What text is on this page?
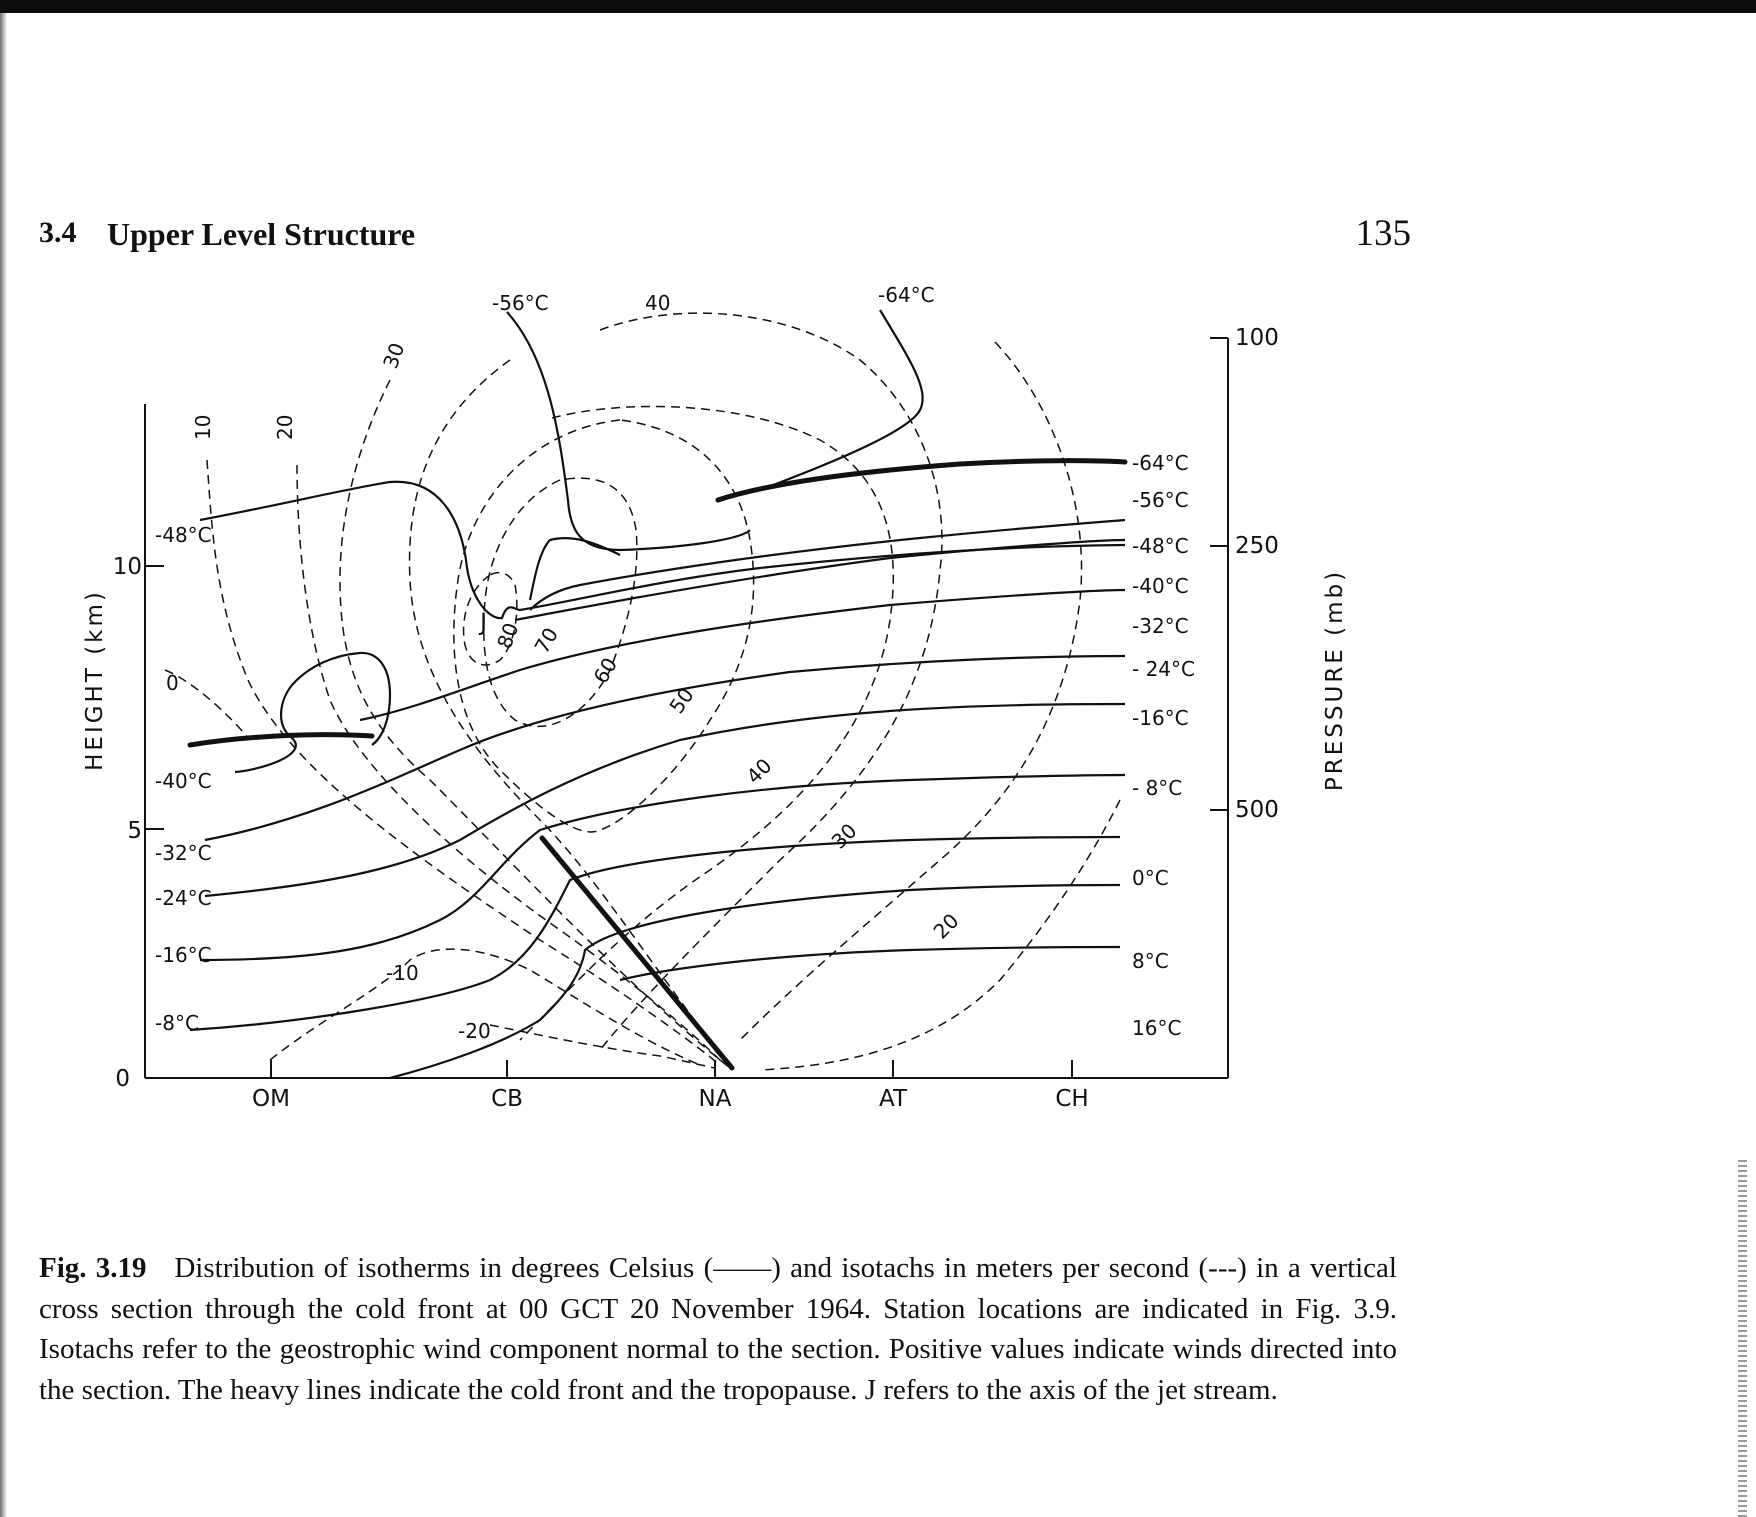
3.4 Upper Level Structure	135
0
5
10
100
250
500
OM	CB	NA	AT	CH
HEIGHT (km)	PRESSURE (mb)
-48°C
-40°C
-32°C
-24°C
-16°C
-8°C
-64°C
-56°C
-48°C
-40°C
-32°C
- 24°C
-16°C
- 8°C
0°C
8°C
16°C
-56°C	-64°C
10	20
30
40
80 70
60
50
40
30
20
0
-10
-20
J
Fig. 3.19 Distribution of isotherms in degrees Celsius (——) and isotachs in meters per second (---) in a vertical cross section through the cold front at 00 GCT 20 November 1964. Station locations are indicated in Fig. 3.9. Isotachs refer to the geostrophic wind component normal to the section. Positive values indicate winds directed into the section. The heavy lines indicate the cold front and the tropopause. J refers to the axis of the jet stream.
